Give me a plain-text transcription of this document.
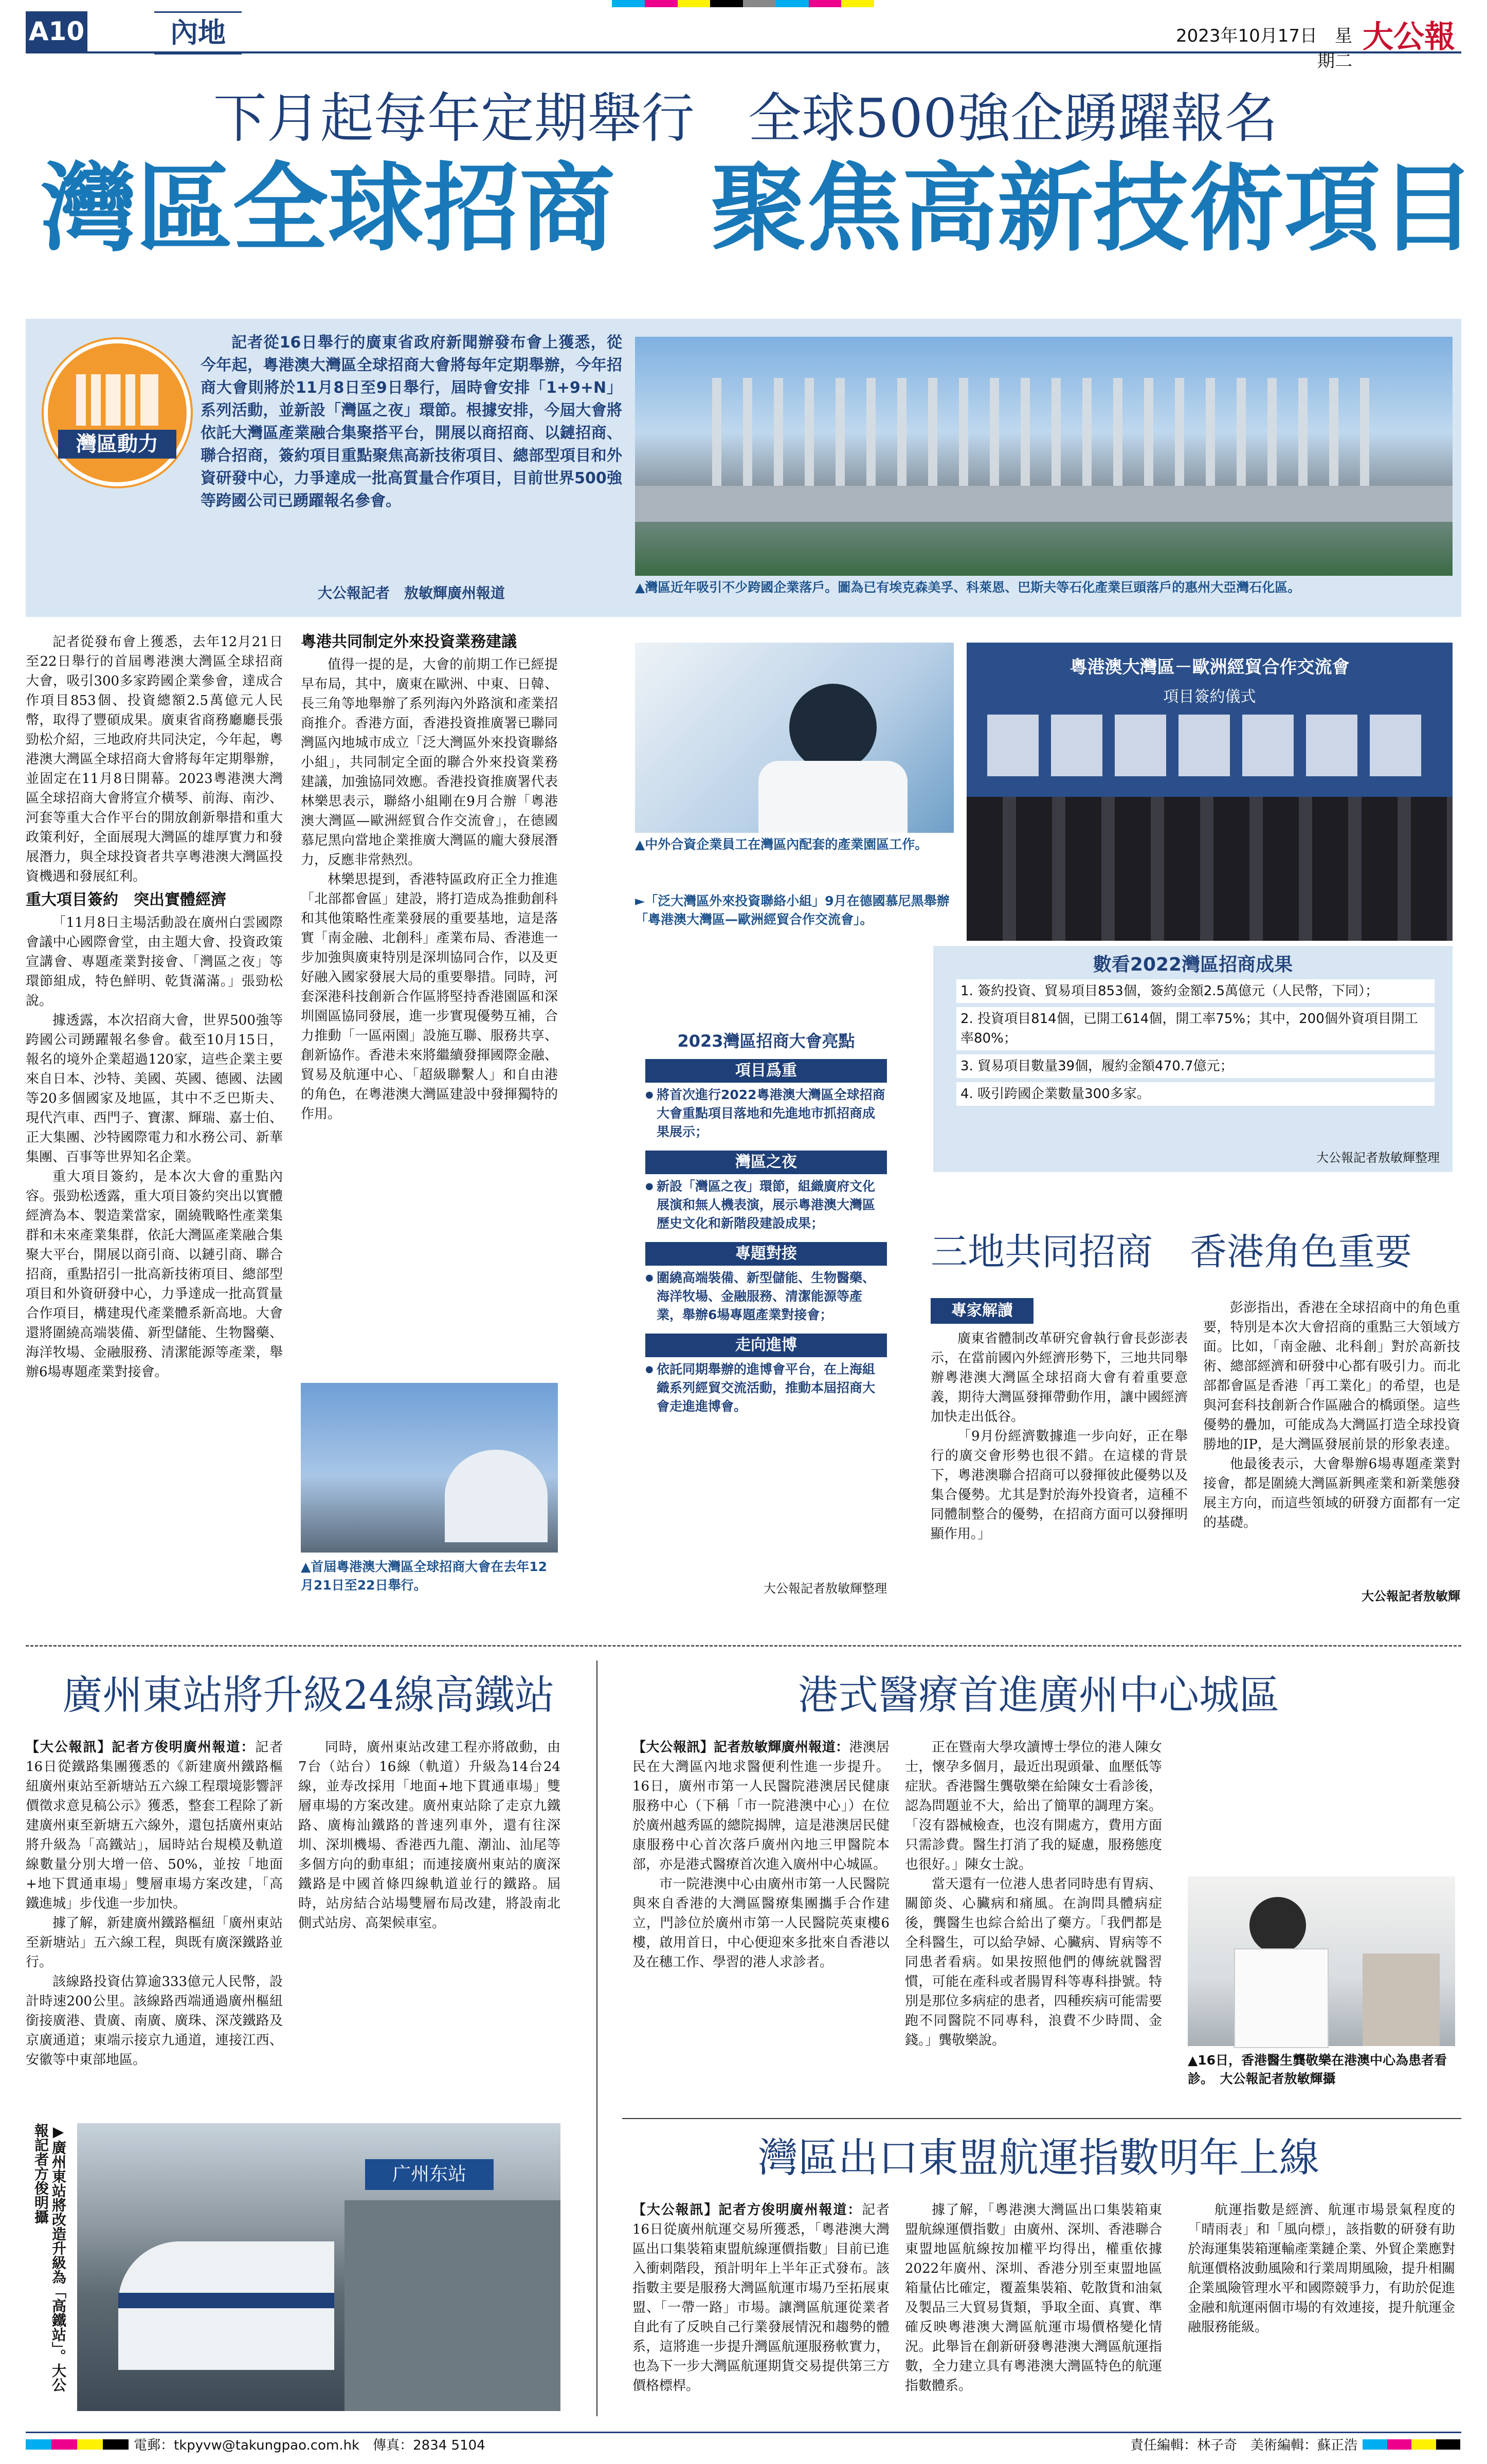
A10	內地	2023年10月17日　星期二
大公報
下月起每年定期舉行　全球500強企踴躍報名
灣區全球招商　聚焦高新技術項目
灣區動力
記者從16日舉行的廣東省政府新聞辦發布會上獲悉，從今年起，粵港澳大灣區全球招商大會將每年定期舉辦，今年招商大會則將於11月8日至9日舉行，屆時會安排「1+9+N」系列活動，並新設「灣區之夜」環節。根據安排，今屆大會將依託大灣區產業融合集聚搭平台，開展以商招商、以鏈招商、聯合招商，簽約項目重點聚焦高新技術項目、總部型項目和外資研發中心，力爭達成一批高質量合作項目，目前世界500強等跨國公司已踴躍報名參會。
大公報記者　敖敏輝廣州報道	▲灣區近年吸引不少跨國企業落戶。圖為已有埃克森美孚、科萊恩、巴斯夫等石化產業巨頭落戶的惠州大亞灣石化區。

記者從發布會上獲悉，去年12月21日至22日舉行的首屆粵港澳大灣區全球招商大會，吸引300多家跨國企業參會，達成合作項目853個、投資總額2.5萬億元人民幣，取得了豐碩成果。廣東省商務廳廳長張勁松介紹，三地政府共同決定，今年起，粵港澳大灣區全球招商大會將每年定期舉辦，並固定在11月8日開幕。2023粵港澳大灣區全球招商大會將宣介橫琴、前海、南沙、河套等重大合作平台的開放創新舉措和重大政策利好，全面展現大灣區的雄厚實力和發展潛力，與全球投資者共享粵港澳大灣區投資機遇和發展紅利。

重大項目簽約　突出實體經濟

「11月8日主場活動設在廣州白雲國際會議中心國際會堂，由主題大會、投資政策宣講會、專題產業對接會、「灣區之夜」等環節組成，特色鮮明、乾貨滿滿。」張勁松說。

據透露，本次招商大會，世界500強等跨國公司踴躍報名參會。截至10月15日，報名的境外企業超過120家，這些企業主要來自日本、沙特、美國、英國、德國、法國等20多個國家及地區，其中不乏巴斯夫、現代汽車、西門子、寶潔、輝瑞、嘉士伯、正大集團、沙特國際電力和水務公司、新華集團、百事等世界知名企業。

重大項目簽約，是本次大會的重點內容。張勁松透露，重大項目簽約突出以實體經濟為本、製造業當家，圍繞戰略性產業集群和未來產業集群，依託大灣區產業融合集聚大平台，開展以商引商、以鏈引商、聯合招商，重點招引一批高新技術項目、總部型項目和外資研發中心，力爭達成一批高質量合作項目，構建現代產業體系新高地。大會還將圍繞高端裝備、新型儲能、生物醫藥、海洋牧場、金融服務、清潔能源等產業，舉辦6場專題產業對接會。

粵港共同制定外來投資業務建議

值得一提的是，大會的前期工作已經提早布局，其中，廣東在歐洲、中東、日韓、長三角等地舉辦了系列海內外路演和產業招商推介。香港方面，香港投資推廣署已聯同灣區內地城市成立「泛大灣區外來投資聯絡小組」，共同制定全面的聯合外來投資業務建議，加強協同效應。香港投資推廣署代表林樂思表示，聯絡小組剛在9月合辦「粵港澳大灣區—歐洲經貿合作交流會」，在德國慕尼黑向當地企業推廣大灣區的龐大發展潛力，反應非常熱烈。

林樂思提到，香港特區政府正全力推進「北部都會區」建設，將打造成為推動創科和其他策略性產業發展的重要基地，這是落實「南金融、北創科」產業布局、香港進一步加強與廣東特別是深圳協同合作，以及更好融入國家發展大局的重要舉措。同時，河套深港科技創新合作區將堅持香港園區和深圳園區協同發展，進一步實現優勢互補，合力推動「一區兩園」設施互聯、服務共享、創新協作。香港未來將繼續發揮國際金融、貿易及航運中心、「超級聯繫人」和自由港的角色，在粵港澳大灣區建設中發揮獨特的作用。

▲首屆粵港澳大灣區全球招商大會在去年12月21日至22日舉行。
▲中外合資企業員工在灣區內配套的產業園區工作。
►「泛大灣區外來投資聯絡小組」9月在德國慕尼黑舉辦「粵港澳大灣區—歐洲經貿合作交流會」。
粵港澳大灣區－歐洲經貿合作交流會
項目簽約儀式
數看2022灣區招商成果
1. 簽約投資、貿易項目853個，簽約金額2.5萬億元（人民幣，下同）；
2. 投資項目814個，已開工614個，開工率75%；其中，200個外資項目開工率80%；
3. 貿易項目數量39個，履約金額470.7億元；
4. 吸引跨國企業數量300多家。
大公報記者敖敏輝整理
2023灣區招商大會亮點
項目爲重
● 將首次進行2022粵港澳大灣區全球招商大會重點項目落地和先進地市抓招商成果展示；
灣區之夜
● 新設「灣區之夜」環節，組織廣府文化展演和無人機表演，展示粵港澳大灣區歷史文化和新階段建設成果；
專題對接
● 圍繞高端裝備、新型儲能、生物醫藥、海洋牧場、金融服務、清潔能源等產業，舉辦6場專題產業對接會；
走向進博
● 依託同期舉辦的進博會平台，在上海組織系列經貿交流活動，推動本屆招商大會走進進博會。
大公報記者敖敏輝整理
三地共同招商　香港角色重要
專家解讀

廣東省體制改革研究會執行會長彭澎表示，在當前國內外經濟形勢下，三地共同舉辦粵港澳大灣區全球招商大會有着重要意義，期待大灣區發揮帶動作用，讓中國經濟加快走出低谷。

「9月份經濟數據進一步向好，正在舉行的廣交會形勢也很不錯。在這樣的背景下，粵港澳聯合招商可以發揮彼此優勢以及集合優勢。尤其是對於海外投資者，這種不同體制整合的優勢，在招商方面可以發揮明顯作用。」

彭澎指出，香港在全球招商中的角色重要，特別是本次大會招商的重點三大領域方面。比如，「南金融、北科創」對於高新技術、總部經濟和研發中心都有吸引力。而北部都會區是香港「再工業化」的希望，也是與河套科技創新合作區融合的橋頭堡。這些優勢的疊加，可能成為大灣區打造全球投資勝地的IP，是大灣區發展前景的形象表達。

他最後表示，大會舉辦6場專題產業對接會，都是圍繞大灣區新興產業和新業態發展主方向，而這些領域的研發方面都有一定的基礎。

大公報記者敖敏輝
廣州東站將升級24線高鐵站

【大公報訊】記者方俊明廣州報道：記者16日從鐵路集團獲悉的《新建廣州鐵路樞紐廣州東站至新塘站五六線工程環境影響評價徵求意見稿公示》獲悉，整套工程除了新建廣州東至新塘五六線外，還包括廣州東站將升級為「高鐵站」，屆時站台規模及軌道線數量分別大增一倍、50%，並按「地面+地下貫通車場」雙層車場方案改建，「高鐵進城」步伐進一步加快。

據了解，新建廣州鐵路樞紐「廣州東站至新塘站」五六線工程，與既有廣深鐵路並行。

該線路投資估算逾333億元人民幣，設計時速200公里。該線路西端通過廣州樞紐銜接廣港、貴廣、南廣、廣珠、深茂鐵路及京廣通道；東端示接京九通道，連接江西、安徽等中東部地區。

同時，廣州東站改建工程亦將啟動，由7台（站台）16線（軌道）升級為14台24線，並寿改採用「地面+地下貫通車場」雙層車場的方案改建。廣州東站除了走京九鐵路、廣梅汕鐵路的普速列車外，還有往深圳、深圳機場、香港西九龍、潮汕、汕尾等多個方向的動車組；而連接廣州東站的廣深鐵路是中國首條四線軌道並行的鐵路。屆時，站房結合站場雙層布局改建，將設南北側式站房、高架候車室。

▶廣州東站將改造升級為「高鐵站」。大公報記者方俊明攝	广州东站
港式醫療首進廣州中心城區

【大公報訊】記者敖敏輝廣州報道：港澳居民在大灣區內地求醫便利性進一步提升。16日，廣州市第一人民醫院港澳居民健康服務中心（下稱「市一院港澳中心」）在位於廣州越秀區的總院揭牌，這是港澳居民健康服務中心首次落戶廣州內地三甲醫院本部，亦是港式醫療首次進入廣州中心城區。

市一院港澳中心由廣州市第一人民醫院與來自香港的大灣區醫療集團攜手合作建立，門診位於廣州市第一人民醫院英東樓6樓，啟用首日，中心便迎來多批來自香港以及在穗工作、學習的港人求診者。

正在暨南大學攻讀博士學位的港人陳女士，懷孕多個月，最近出現頭暈、血壓低等症狀。香港醫生龔敬樂在給陳女士看診後，認為問題並不大，給出了簡單的調理方案。「沒有器械檢查，也沒有開處方，費用方面只需診費。醫生打消了我的疑慮，服務態度也很好。」陳女士說。

當天還有一位港人患者同時患有胃病、關節炎、心臟病和痛風。在詢問具體病症後，龔醫生也綜合給出了藥方。「我們都是全科醫生，可以給孕婦、心臟病、胃病等不同患者看病。如果按照他們的傳統就醫習慣，可能在產科或者腸胃科等專科掛號。特別是那位多病症的患者，四種疾病可能需要跑不同醫院不同專科，浪費不少時間、金錢。」龔敬樂說。

▲16日，香港醫生龔敬樂在港澳中心為患者看診。　大公報記者敖敏輝攝
灣區出口東盟航運指數明年上線

【大公報訊】記者方俊明廣州報道：記者16日從廣州航運交易所獲悉，「粵港澳大灣區出口集裝箱東盟航線運價指數」目前已進入衝刺階段，預計明年上半年正式發布。該指數主要是服務大灣區航運市場乃至拓展東盟、「一帶一路」市場。讓灣區航運從業者自此有了反映自己行業發展情況和趨勢的體系，這將進一步提升灣區航運服務軟實力，也為下一步大灣區航運期貨交易提供第三方價格標桿。

據了解，「粵港澳大灣區出口集裝箱東盟航線運價指數」由廣州、深圳、香港聯合東盟地區航線按加權平均得出，權重依據2022年廣州、深圳、香港分別至東盟地區箱量佔比確定，覆蓋集裝箱、乾散貨和油氣及製品三大貿易貨類，爭取全面、真實、準確反映粵港澳大灣區航運市場價格變化情況。此舉旨在創新研發粵港澳大灣區航運指數，全力建立具有粵港澳大灣區特色的航運指數體系。

航運指數是經濟、航運市場景氣程度的「晴雨表」和「風向標」，該指數的研發有助於海運集裝箱運輸產業鏈企業、外貿企業應對航運價格波動風險和行業周期風險，提升相關企業風險管理水平和國際競爭力，有助於促進金融和航運兩個市場的有效連接，提升航運金融服務能級。

電郵：tkpyvw@takungpao.com.hk　傳真：2834 5104	責任編輯：林子奇　美術編輯：蘇正浩
